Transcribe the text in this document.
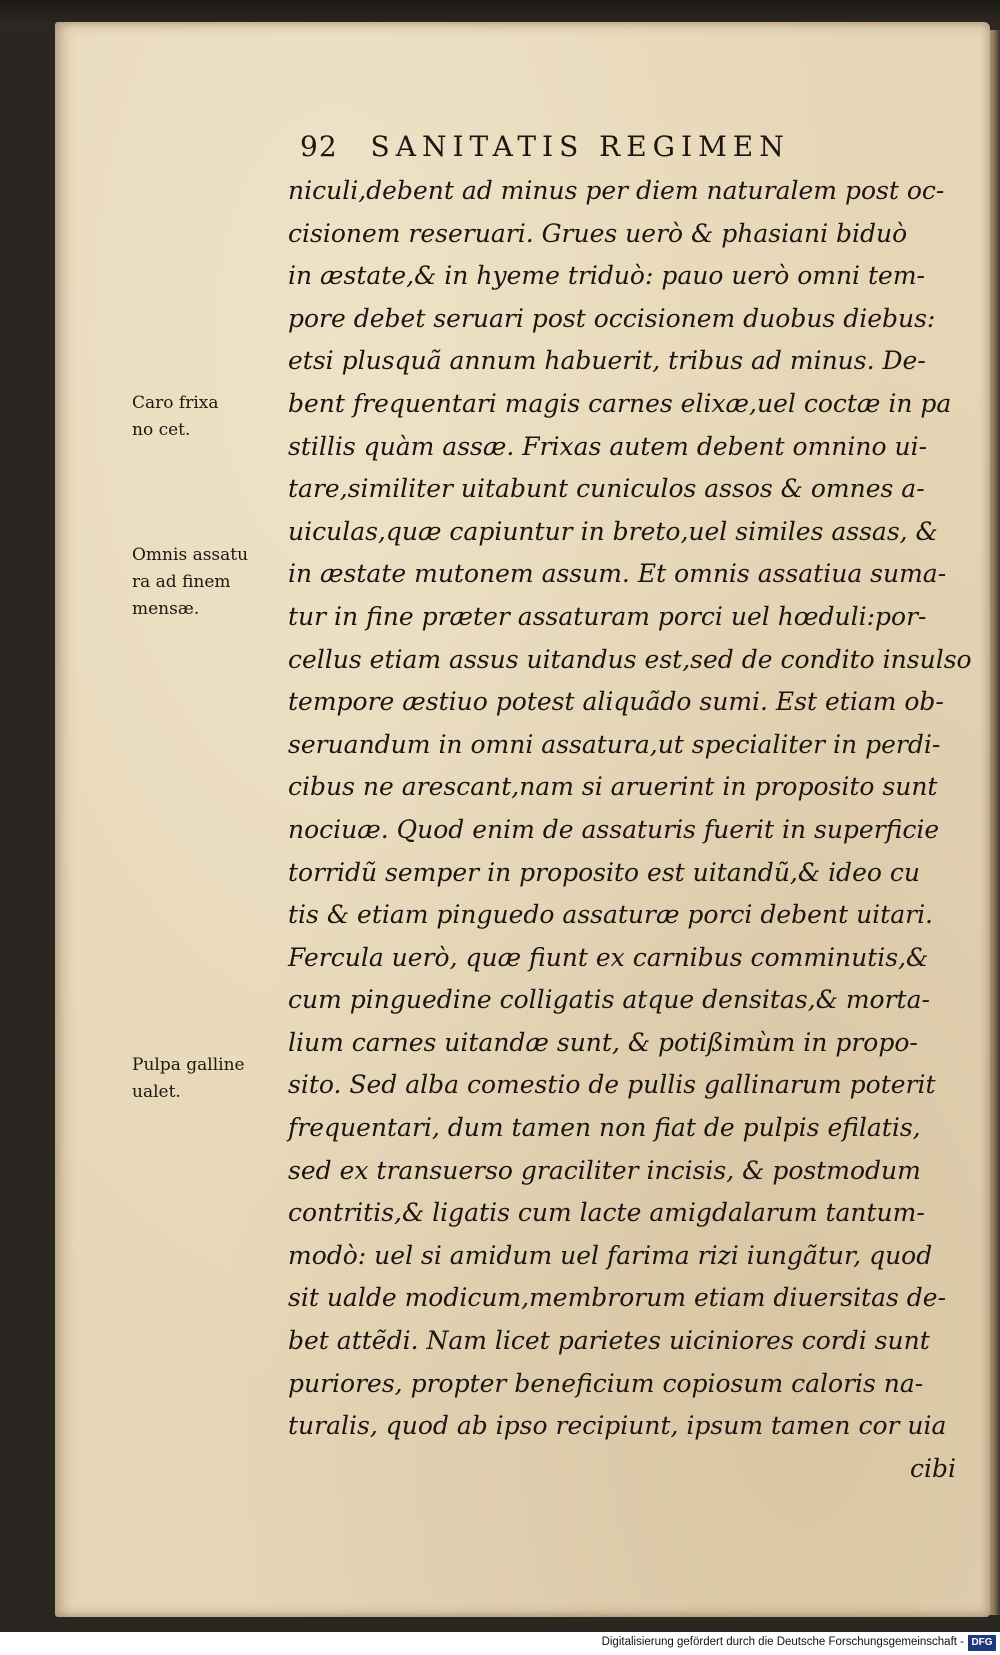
92 SANITATIS REGIMEN
niculi,debent ad minus per diem naturalem post oc-
cisionem reseruari. Grues uerò & phasiani biduò
in æstate,& in hyeme triduò: pauo uerò omni tem-
pore debet seruari post occisionem duobus diebus:
etsi plusquã annum habuerit, tribus ad minus. De-
bent frequentari magis carnes elixæ,uel coctæ in pa
stillis quàm assæ. Frixas autem debent omnino ui-
tare,similiter uitabunt cuniculos assos & omnes a-
uiculas,quæ capiuntur in breto,uel similes assas, &
in æstate mutonem assum. Et omnis assatiua suma-
tur in fine præter assaturam porci uel hœduli:por-
cellus etiam assus uitandus est,sed de condito insulso
tempore æstiuo potest aliquãdo sumi. Est etiam ob-
seruandum in omni assatura,ut specialiter in perdi-
cibus ne arescant,nam si aruerint in proposito sunt
nociuæ. Quod enim de assaturis fuerit in superficie
torridũ semper in proposito est uitandũ,& ideo cu
tis & etiam pinguedo assaturæ porci debent uitari.
Fercula uerò, quæ fiunt ex carnibus comminutis,&
cum pinguedine colligatis atque densitas,& morta-
lium carnes uitandæ sunt, & potißimùm in propo-
sito. Sed alba comestio de pullis gallinarum poterit
frequentari, dum tamen non fiat de pulpis efilatis,
sed ex transuerso graciliter incisis, & postmodum
contritis,& ligatis cum lacte amigdalarum tantum-
modò: uel si amidum uel farima rizi iungãtur, quod
sit ualde modicum,membrorum etiam diuersitas de-
bet attẽdi. Nam licet parietes uiciniores cordi sunt
puriores, propter beneficium copiosum caloris na-
turalis, quod ab ipso recipiunt, ipsum tamen cor uia
cibi
Caro frixa
no cet.
Omnis assatu
ra ad finem
mensæ.
Pulpa galline
ualet.
Digitalisierung gefördert durch die Deutsche Forschungsgemeinschaft - DFG
